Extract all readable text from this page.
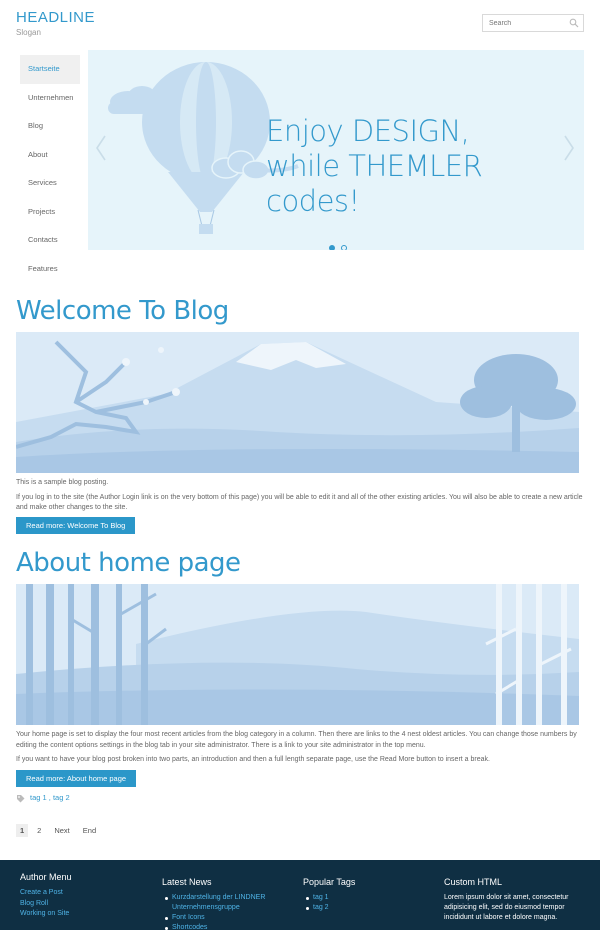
HEADLINE
Slogan
Search
Startseite
Unternehmen
Blog
About
Services
Projects
Contacts
Features
Enjoy DESIGN,
while THEMLER codes!

Welcome To Blog

This is a sample blog posting.

If you log in to the site (the Author Login link is on the very bottom of this page) you will be able to edit it and all of the other existing articles. You will also be able to create a new article and make other changes to the site.

Read more: Welcome To Blog
About home page

Your home page is set to display the four most recent articles from the blog category in a column. Then there are links to the 4 nest oldest articles. You can change those numbers by editing the content options settings in the blog tab in your site administrator. There is a link to your site administrator in the top menu.

If you want to have your blog post broken into two parts, an introduction and then a full length separate page, use the Read More button to insert a break.

Read more: About home page
tag 1 , tag 2
1 2 Next End
Author Menu
Create a Post
Blog Roll
Working on Site
Latest News
Kurzdarstellung der LINDNER Unternehmensgruppe
Font Icons
Shortcodes
Popular Tags
tag 1
tag 2
Custom HTML

Lorem ipsum dolor sit amet, consectetur adipisicing elit, sed do eiusmod tempor incididunt ut labore et dolore magna.
